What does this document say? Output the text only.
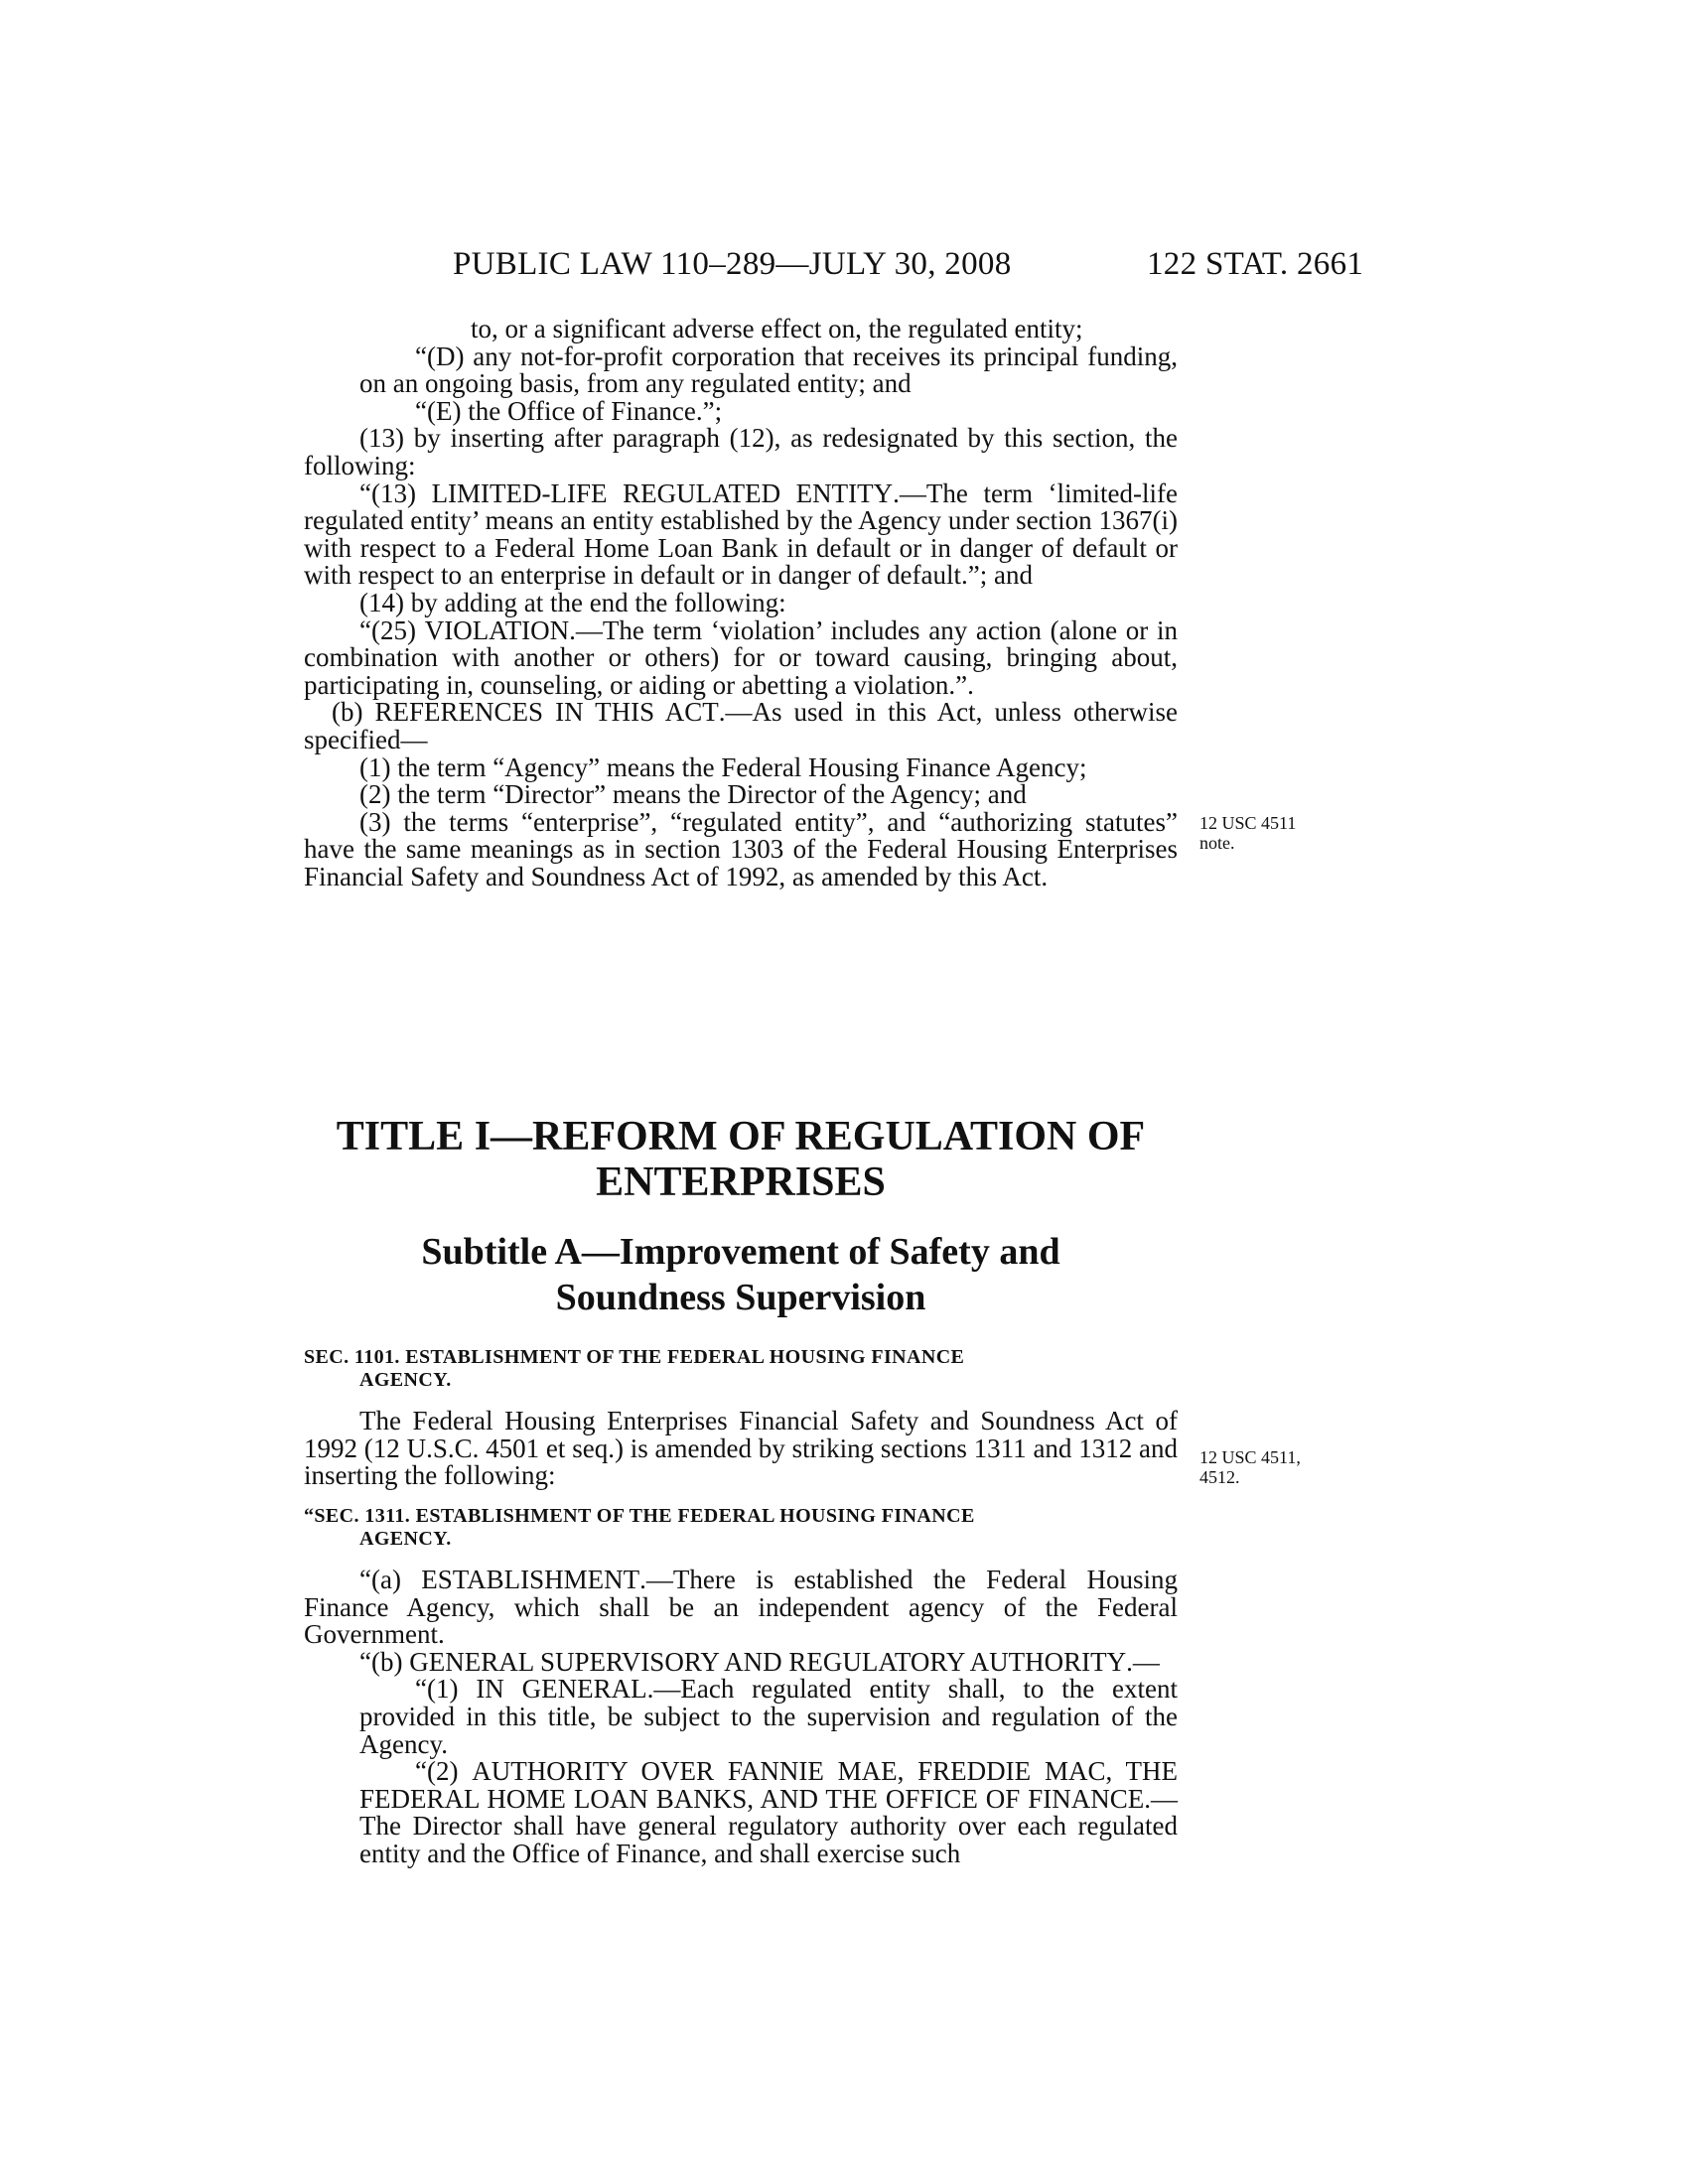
PUBLIC LAW 110–289—JULY 30, 2008	122 STAT. 2661

to, or a significant adverse effect on, the regulated entity;

“(D) any not-for-profit corporation that receives its principal funding, on an ongoing basis, from any regulated entity; and

“(E) the Office of Finance.”;

(13) by inserting after paragraph (12), as redesignated by this section, the following:

“(13) LIMITED-LIFE REGULATED ENTITY.—The term ‘limited-life regulated entity’ means an entity established by the Agency under section 1367(i) with respect to a Federal Home Loan Bank in default or in danger of default or with respect to an enterprise in default or in danger of default.”; and

(14) by adding at the end the following:

“(25) VIOLATION.—The term ‘violation’ includes any action (alone or in combination with another or others) for or toward causing, bringing about, participating in, counseling, or aiding or abetting a violation.”.

(b) REFERENCES IN THIS ACT.—As used in this Act, unless otherwise specified—

(1) the term “Agency” means the Federal Housing Finance Agency;

(2) the term “Director” means the Director of the Agency; and

(3) the terms “enterprise”, “regulated entity”, and “authorizing statutes” have the same meanings as in section 1303 of the Federal Housing Enterprises Financial Safety and Soundness Act of 1992, as amended by this Act.

12 USC 4511
note.
TITLE I—REFORM OF REGULATION OF
ENTERPRISES
Subtitle A—Improvement of Safety and
Soundness Supervision
SEC. 1101. ESTABLISHMENT OF THE FEDERAL HOUSING FINANCE
AGENCY.

The Federal Housing Enterprises Financial Safety and Soundness Act of 1992 (12 U.S.C. 4501 et seq.) is amended by striking sections 1311 and 1312 and inserting the following:

12 USC 4511,
4512.
“SEC. 1311. ESTABLISHMENT OF THE FEDERAL HOUSING FINANCE
AGENCY.

“(a) ESTABLISHMENT.—There is established the Federal Housing Finance Agency, which shall be an independent agency of the Federal Government.

“(b) GENERAL SUPERVISORY AND REGULATORY AUTHORITY.—

“(1) IN GENERAL.—Each regulated entity shall, to the extent provided in this title, be subject to the supervision and regulation of the Agency.

“(2) AUTHORITY OVER FANNIE MAE, FREDDIE MAC, THE FEDERAL HOME LOAN BANKS, AND THE OFFICE OF FINANCE.—The Director shall have general regulatory authority over each regulated entity and the Office of Finance, and shall exercise such
